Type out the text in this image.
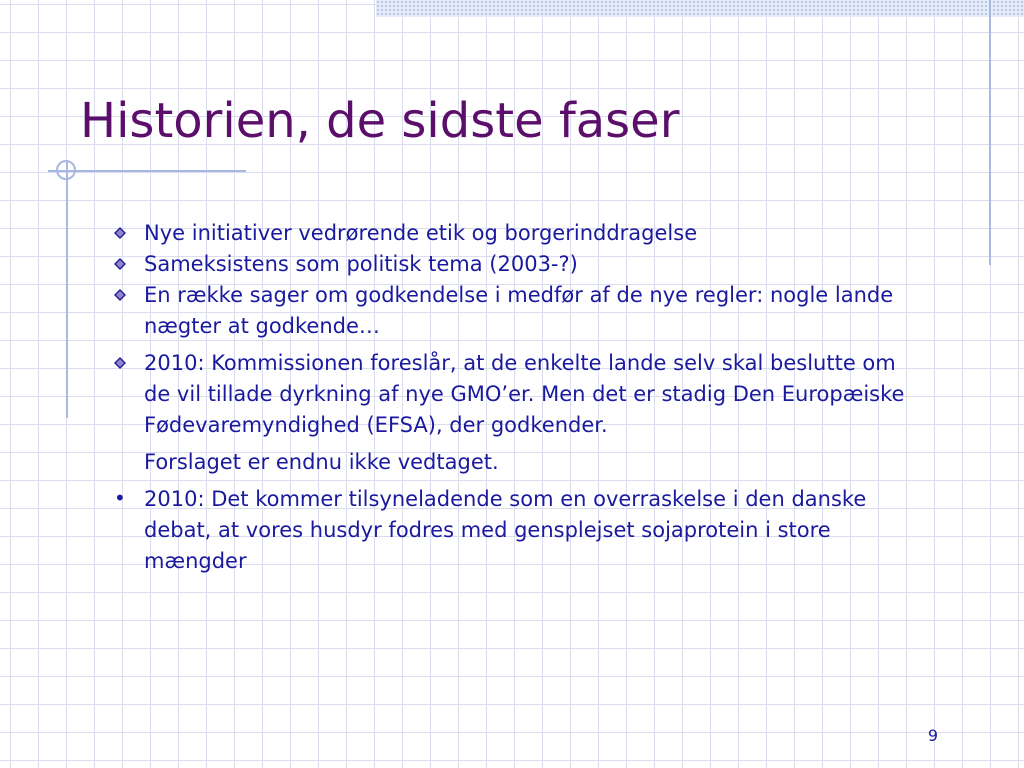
Historien, de sidste faser
Nye initiativer vedrørende etik og borgerinddragelse
Sameksistens som politisk tema (2003-?)
En række sager om godkendelse i medfør af de nye regler: nogle lande nægter at godkende…
2010: Kommissionen foreslår, at de enkelte lande selv skal beslutte om de vil tillade dyrkning af nye GMO’er. Men det er stadig Den Europæiske Fødevaremyndighed (EFSA), der godkender.
Forslaget er endnu ikke vedtaget.
• 2010: Det kommer tilsyneladende som en overraskelse i den danske debat, at vores husdyr fodres med gensplejset sojaprotein i store mængder
9
